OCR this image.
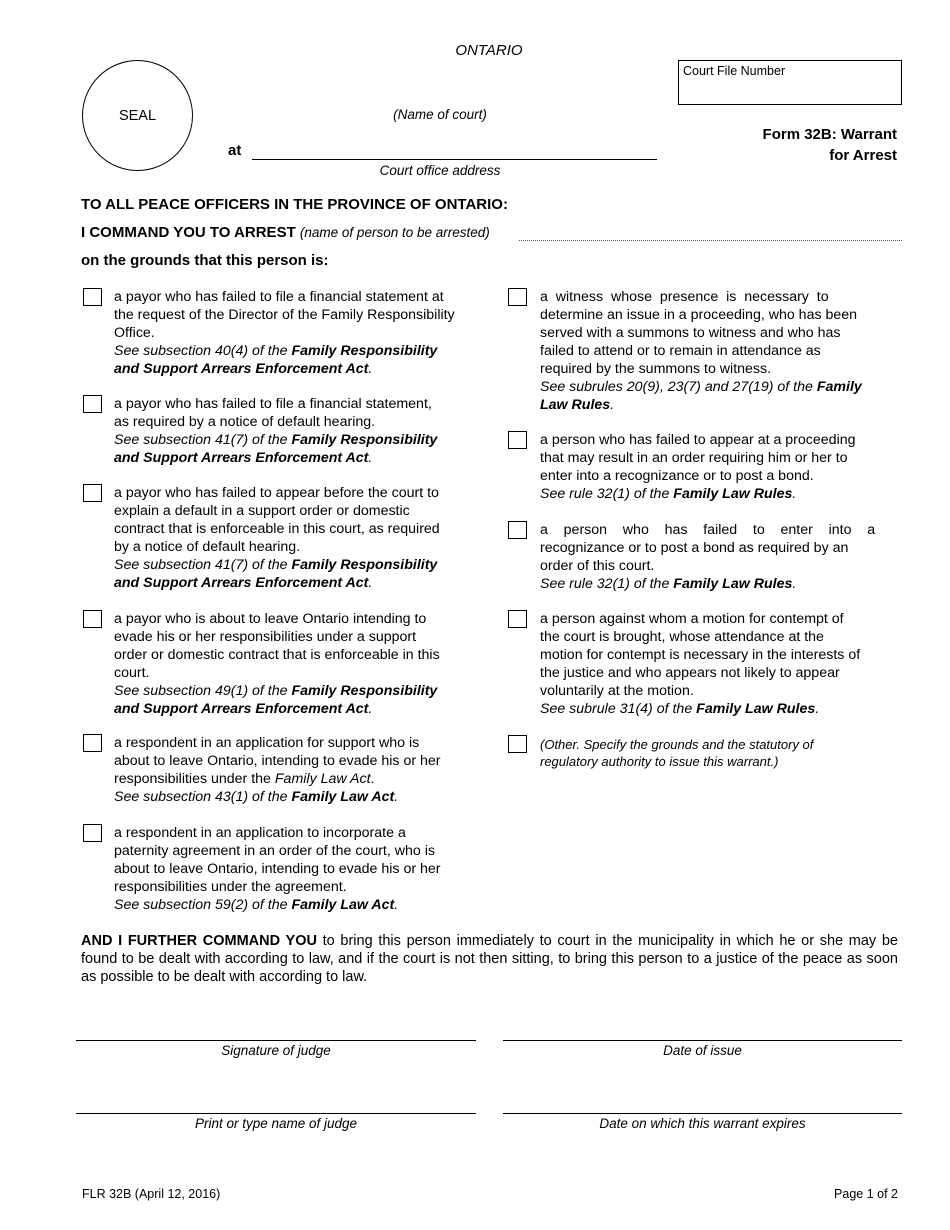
ONTARIO
SEAL	(Name of court)
at
Court office address
Court File Number
Form 32B: Warrant
for Arrest
TO ALL PEACE OFFICERS IN THE PROVINCE OF ONTARIO:
I COMMAND YOU TO ARREST (name of person to be arrested)
on the grounds that this person is:
a payor who has failed to file a financial statement at
the request of the Director of the Family Responsibility
Office.
See subsection 40(4) of the Family Responsibility
and Support Arrears Enforcement Act.
a payor who has failed to file a financial statement,
as required by a notice of default hearing.
See subsection 41(7) of the Family Responsibility
and Support Arrears Enforcement Act.
a payor who has failed to appear before the court to
explain a default in a support order or domestic
contract that is enforceable in this court, as required
by a notice of default hearing.
See subsection 41(7) of the Family Responsibility
and Support Arrears Enforcement Act.
a payor who is about to leave Ontario intending to
evade his or her responsibilities under a support
order or domestic contract that is enforceable in this
court.
See subsection 49(1) of the Family Responsibility
and Support Arrears Enforcement Act.
a respondent in an application for support who is
about to leave Ontario, intending to evade his or her
responsibilities under the Family Law Act.
See subsection 43(1) of the Family Law Act.
a respondent in an application to incorporate a
paternity agreement in an order of the court, who is
about to leave Ontario, intending to evade his or her
responsibilities under the agreement.
See subsection 59(2) of the Family Law Act.
a  witness  whose  presence  is  necessary  to
determine an issue in a proceeding, who has been
served with a summons to witness and who has
failed to attend or to remain in attendance as
required by the summons to witness.
See subrules 20(9), 23(7) and 27(19) of the Family
Law Rules.
a person who has failed to appear at a proceeding
that may result in an order requiring him or her to
enter into a recognizance or to post a bond.
See rule 32(1) of the Family Law Rules.
a    person    who    has    failed    to    enter    into    a
recognizance or to post a bond as required by an
order of this court.
See rule 32(1) of the Family Law Rules.
a person against whom a motion for contempt of
the court is brought, whose attendance at the
motion for contempt is necessary in the interests of
the justice and who appears not likely to appear
voluntarily at the motion.
See subrule 31(4) of the Family Law Rules.
(Other. Specify the grounds and the statutory of
regulatory authority to issue this warrant.)
AND I FURTHER COMMAND YOU to bring this person immediately to court in the municipality in which he or she may be found to be dealt with according to law, and if the court is not then sitting, to bring this person to a justice of the peace as soon as possible to be dealt with according to law.
Signature of judge	Date of issue
Print or type name of judge	Date on which this warrant expires
FLR 32B (April 12, 2016)	Page 1 of 2
